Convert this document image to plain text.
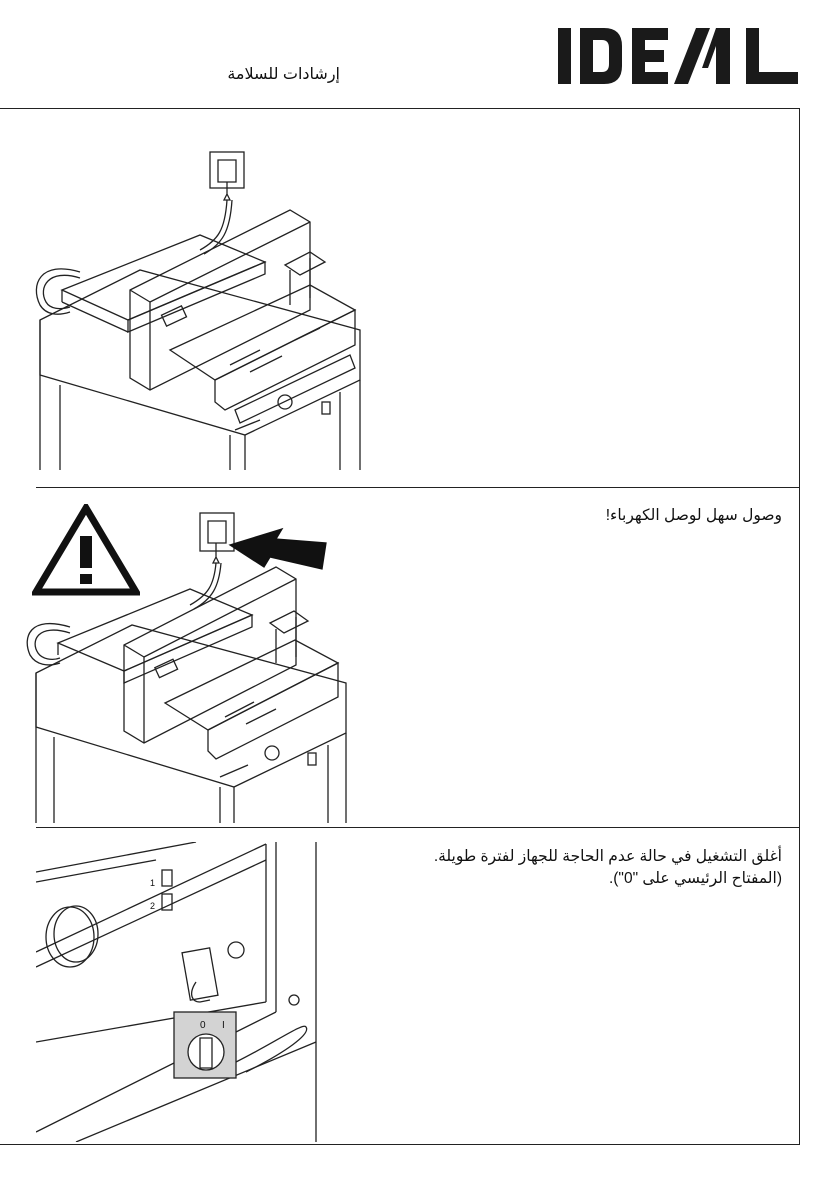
إرشادات للسلامة
وصول سهل لوصل الكهرباء!
أغلق التشغيل في حالة عدم الحاجة للجهاز لفترة طويلة.
(المفتاح الرئيسي على "0").
1
2
0 I
